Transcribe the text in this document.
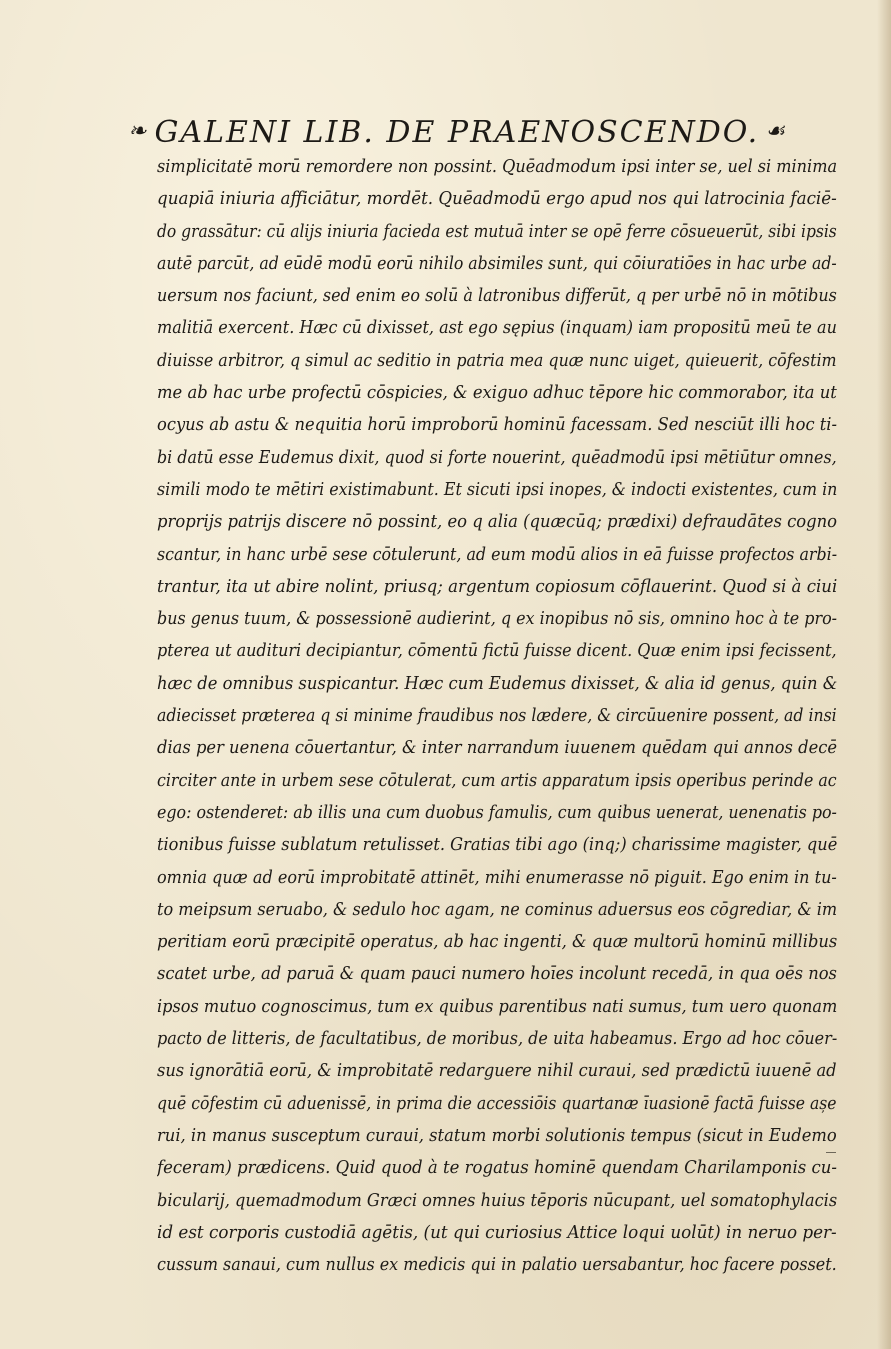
❧ GALENI LIB. DE PRAENOSCENDO. ☙
simplicitatē morū remordere non possint. Quēadmodum ipsi inter se, uel si minima
quapiā iniuria afficiātur, mordēt. Quēadmodū ergo apud nos qui latrocinia faciē-
do grassātur: cū alijs iniuria facieda est mutuā inter se opē ferre cōsueuerūt, sibi ipsis
autē parcūt, ad eūdē modū eorū nihilo absimiles sunt, qui cōiuratiōes in hac urbe ad-
uersum nos faciunt, sed enim eo solū à latronibus differūt, q per urbē nō in mōtibus
malitiā exercent. Hæc cū dixisset, ast ego sępius (inquam) iam propositū meū te au
diuisse arbitror, q simul ac seditio in patria mea quæ nunc uiget, quieuerit, cōfestim
me ab hac urbe profectū cōspicies, & exiguo adhuc tēpore hic commorabor, ita ut
ocyus ab astu & nequitia horū improborū hominū facessam. Sed nesciūt illi hoc ti-
bi datū esse Eudemus dixit, quod si forte nouerint, quēadmodū ipsi mētiūtur omnes,
simili modo te mētiri existimabunt. Et sicuti ipsi inopes, & indocti existentes, cum in
proprijs patrijs discere nō possint, eo q alia (quæcūq; prædixi) defraudātes cogno
scantur, in hanc urbē sese cōtulerunt, ad eum modū alios in eā fuisse profectos arbi-
trantur, ita ut abire nolint, priusq; argentum copiosum cōflauerint. Quod si à ciui
bus genus tuum, & possessionē audierint, q ex inopibus nō sis, omnino hoc à te pro-
pterea ut audituri decipiantur, cōmentū fictū fuisse dicent. Quæ enim ipsi fecissent,
hæc de omnibus suspicantur. Hæc cum Eudemus dixisset, & alia id genus, quin &
adiecisset præterea q si minime fraudibus nos lædere, & circūuenire possent, ad insi
dias per uenena cōuertantur, & inter narrandum iuuenem quēdam qui annos decē
circiter ante in urbem sese cōtulerat, cum artis apparatum ipsis operibus perinde ac
ego: ostenderet: ab illis una cum duobus famulis, cum quibus uenerat, uenenatis po-
tionibus fuisse sublatum retulisset. Gratias tibi ago (inq;) charissime magister, quē
omnia quæ ad eorū improbitatē attinēt, mihi enumerasse nō piguit. Ego enim in tu-
to meipsum seruabo, & sedulo hoc agam, ne cominus aduersus eos cōgrediar, & im
peritiam eorū præcipitē operatus, ab hac ingenti, & quæ multorū hominū millibus
scatet urbe, ad paruā & quam pauci numero hoīes incolunt recedā, in qua oēs nos
ipsos mutuo cognoscimus, tum ex quibus parentibus nati sumus, tum uero quonam
pacto de litteris, de facultatibus, de moribus, de uita habeamus. Ergo ad hoc cōuer-
sus ignorātiā eorū, & improbitatē redarguere nihil curaui, sed prædictū iuuenē ad
quē cōfestim cū aduenissē, in prima die accessiōis quartanæ īuasionē factā fuisse așe
rui, in manus susceptum curaui, statum morbi solutionis tempus (sicut in Eudemo
feceram) prædicens. Quid quod à te rogatus hominē quendam Charilamponis cu-
bicularij, quemadmodum Græci omnes huius tēporis nūcupant, uel somatophylacis
id est corporis custodiā agētis, (ut qui curiosius Attice loqui uolūt) in neruo per-
cussum sanaui, cum nullus ex medicis qui in palatio uersabantur, hoc facere posset.
